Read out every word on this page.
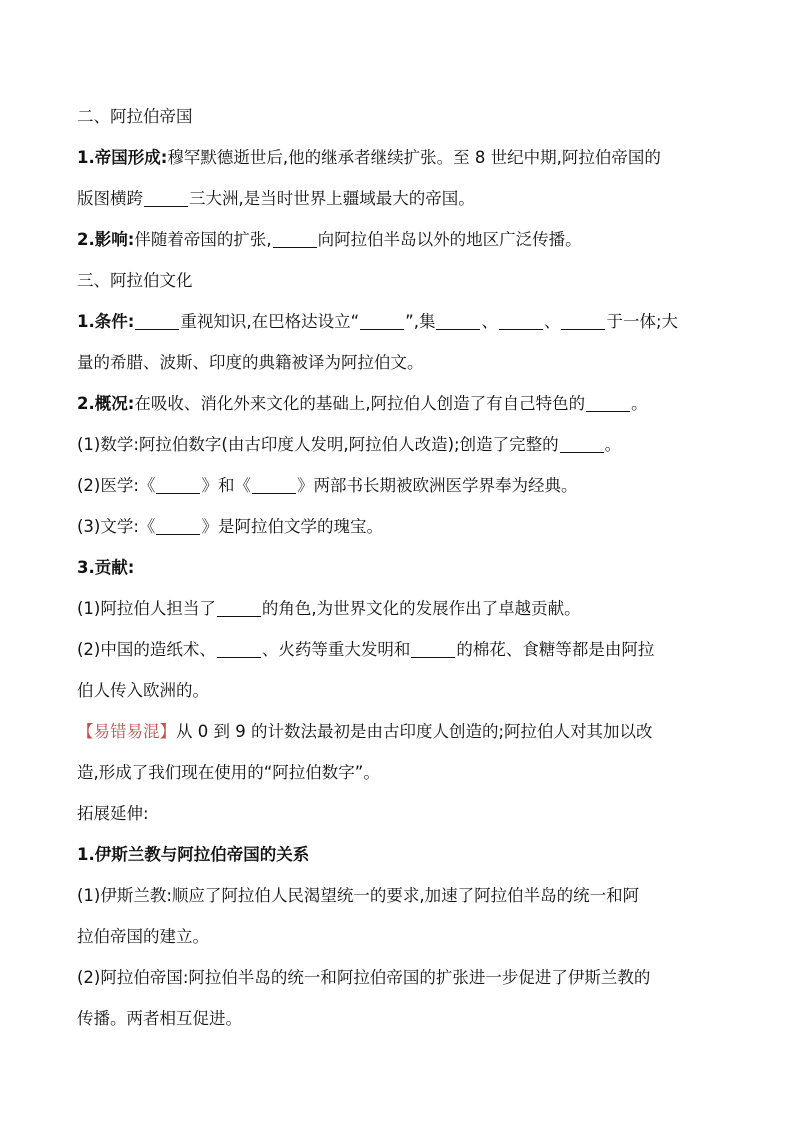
二、阿拉伯帝国

1.帝国形成:穆罕默德逝世后,他的继承者继续扩张。至 8 世纪中期,阿拉伯帝国的

版图横跨	三大洲,是当时世界上疆域最大的帝国。

2.影响:伴随着帝国的扩张,	向阿拉伯半岛以外的地区广泛传播。

三、阿拉伯文化

1.条件:	重视知识,在巴格达设立“	”,集	、	、	于一体;大

量的希腊、波斯、印度的典籍被译为阿拉伯文。

2.概况:在吸收、消化外来文化的基础上,阿拉伯人创造了有自己特色的	。

(1)数学:阿拉伯数字(由古印度人发明,阿拉伯人改造);创造了完整的	。

(2)医学:《	》和《	》两部书长期被欧洲医学界奉为经典。

(3)文学:《	》是阿拉伯文学的瑰宝。

3.贡献:

(1)阿拉伯人担当了	的角色,为世界文化的发展作出了卓越贡献。

(2)中国的造纸术、	、火药等重大发明和	的棉花、食糖等都是由阿拉

伯人传入欧洲的。

【易错易混】从 0 到 9 的计数法最初是由古印度人创造的;阿拉伯人对其加以改

造,形成了我们现在使用的“阿拉伯数字”。

拓展延伸:

1.伊斯兰教与阿拉伯帝国的关系

(1)伊斯兰教:顺应了阿拉伯人民渴望统一的要求,加速了阿拉伯半岛的统一和阿

拉伯帝国的建立。

(2)阿拉伯帝国:阿拉伯半岛的统一和阿拉伯帝国的扩张进一步促进了伊斯兰教的

传播。两者相互促进。
